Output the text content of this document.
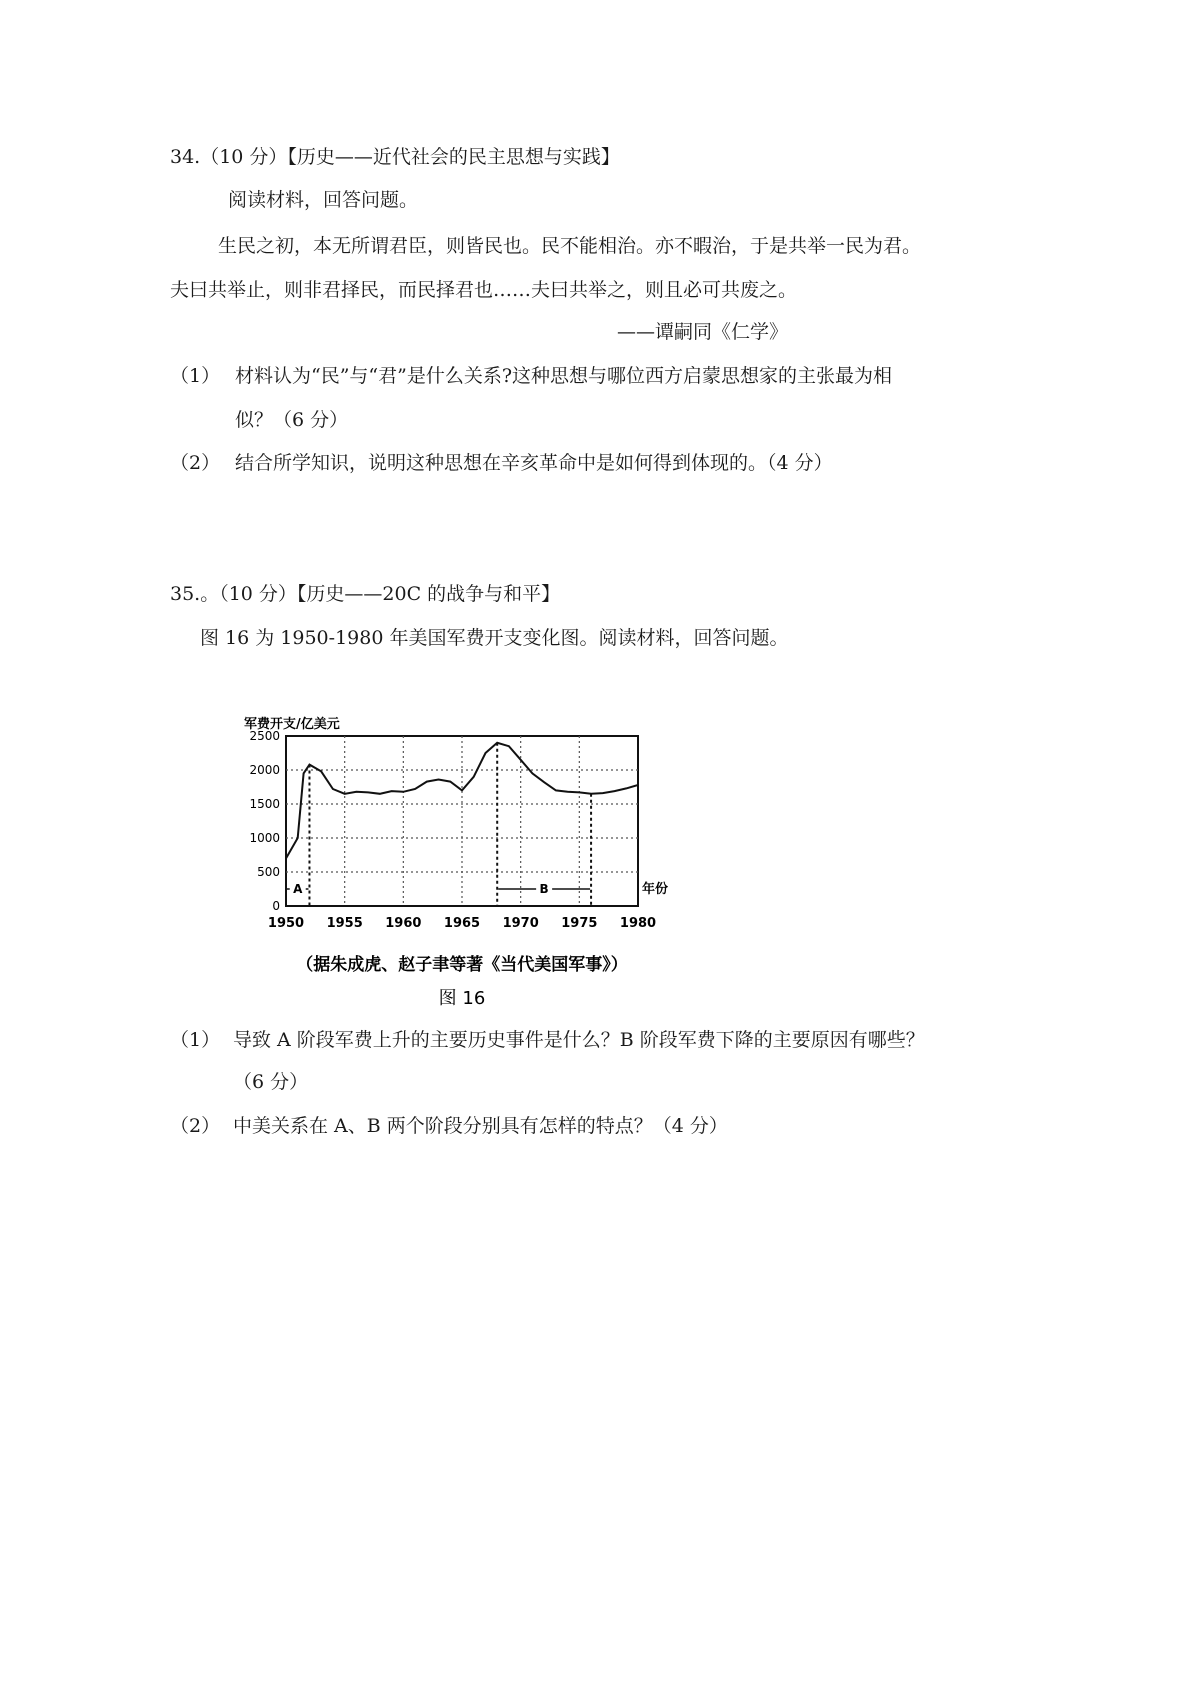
34.（10 分）【历史——近代社会的民主思想与实践】
阅读材料，回答问题。
生民之初，本无所谓君臣，则皆民也。民不能相治。亦不暇治，于是共举一民为君。
夫曰共举止，则非君择民，而民择君也……夫曰共举之，则且必可共废之。
——谭嗣同《仁学》
（1） 材料认为“民”与“君”是什么关系?这种思想与哪位西方启蒙思想家的主张最为相
似？（6 分）
（2） 结合所学知识，说明这种思想在辛亥革命中是如何得到体现的。（4 分）
35.。（10 分）【历史——20C 的战争与和平】
图 16 为 1950-1980 年美国军费开支变化图。阅读材料，回答问题。
军费开支/亿美元
0
500
1000
1500
2000
2500
1950 1955 1960 1965 1970 1975 1980
A	B	年份
（据朱成虎、赵子聿等著《当代美国军事》）
图 16
（1） 导致 A 阶段军费上升的主要历史事件是什么？B 阶段军费下降的主要原因有哪些？
（6 分）
（2） 中美关系在 A、B 两个阶段分别具有怎样的特点？（4 分）
